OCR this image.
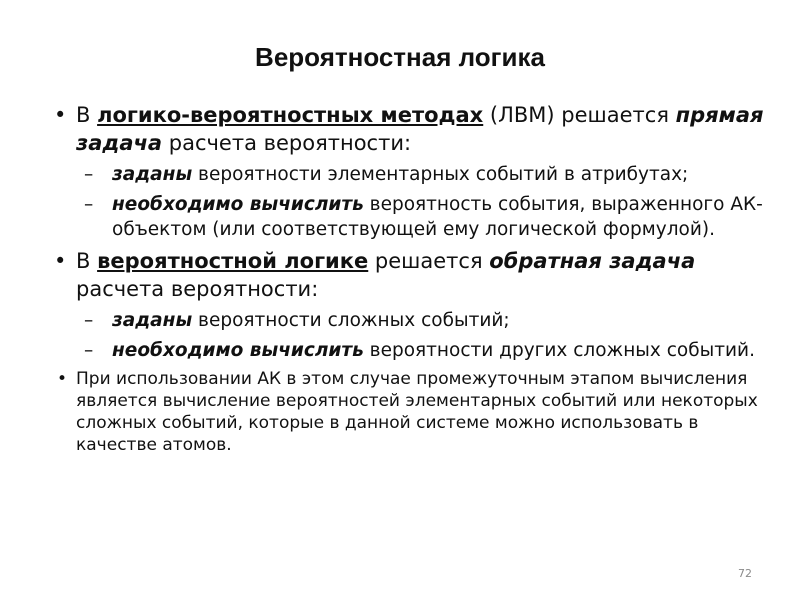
Вероятностная логика
• В логико-вероятностных методах (ЛВМ) решается прямая задача расчета вероятности:
– заданы вероятности элементарных событий в атрибутах;
– необходимо вычислить вероятность события, выраженного АК-объектом (или соответствующей ему логической формулой).
• В вероятностной логике решается обратная задача расчета вероятности:
– заданы вероятности сложных событий;
– необходимо вычислить вероятности других сложных событий.
• При использовании АК в этом случае промежуточным этапом вычисления является вычисление вероятностей элементарных событий или некоторых сложных событий, которые в данной системе можно использовать в качестве атомов.
72
